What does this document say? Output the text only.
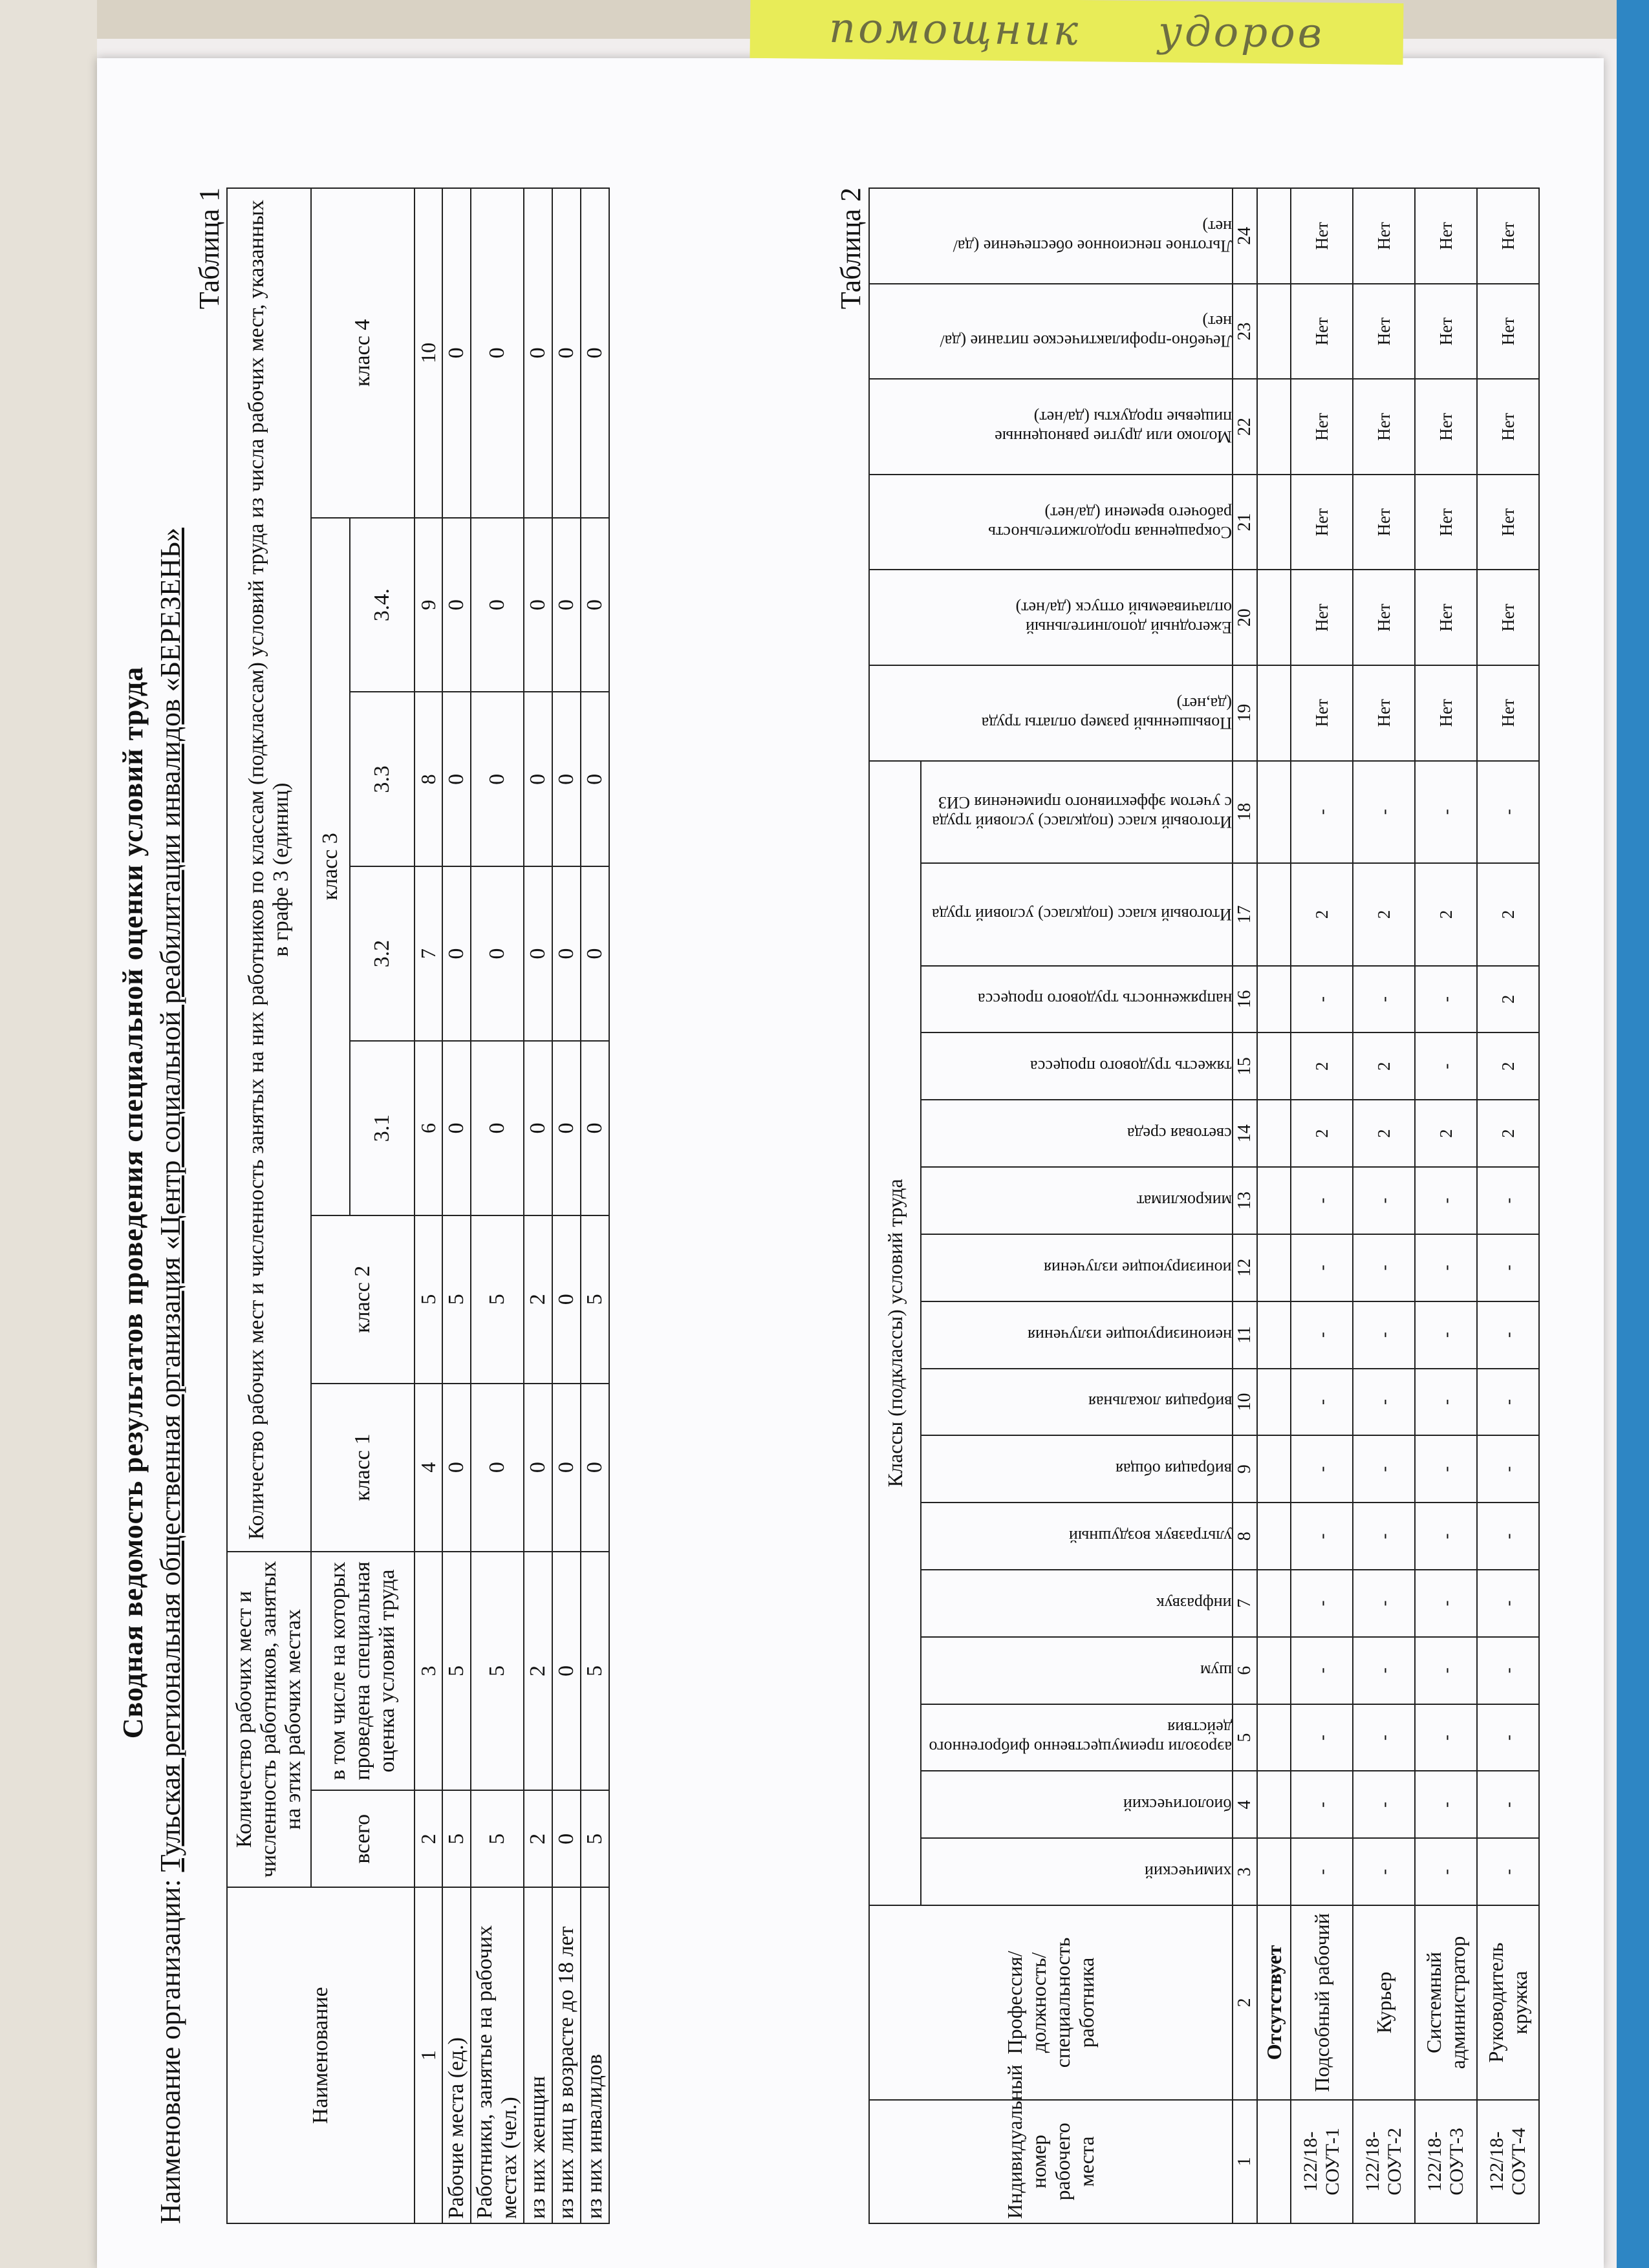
помощник удоров
Сводная ведомость результатов проведения специальной оценки условий труда
Наименование организации: Тульская региональная общественная организация «Центр социальной реабилитации инвалидов «БЕРЕЗЕНЬ»
Таблица 1
Наименование	Количество рабочих мест и численность работников, занятых на этих рабочих местах		Количество рабочих мест и численность занятых на них работников по классам (подклассам) условий труда из числа рабочих мест, указанных в графе 3 (единиц)						
	всего	в том числе на которых проведена специальная оценка условий труда	класс 1	класс 2	класс 3				класс 4
					3.1	3.2	3.3	3.4.	
1	2	3	4	5	6	7	8	9	10
Рабочие места (ед.)	5	5	0	5	0	0	0	0	0
Работники, занятые на рабочих местах (чел.)	5	5	0	5	0	0	0	0	0
из них женщин	2	2	0	2	0	0	0	0	0
из них лиц в возрасте до 18 лет	0	0	0	0	0	0	0	0	0
из них инвалидов	5	5	0	5	0	0	0	0	0
Таблица 2
Индивидуальный номер рабочего места	Профессия/ должность/ специальность работника	Классы (подклассы) условий труда																Повышенный размер оплаты труда (да,нет)	Ежегодный дополнительный оплачиваемый отпуск (да/нет)	Сокращенная продолжительность рабочего времени (да/нет)	Молоко или другие равноценные пищевые продукты (да/нет)	Лечебно-профилактическое питание (да/нет)	Льготное пенсионное обеспечение (да/нет)

		химический	биологический	аэрозоли преимущественно фиброгенного действия	шум	инфразвук	ультразвук воздушный	вибрация общая	вибрация локальная	неионизирующие излучения	ионизирующие излучения	микроклимат	световая среда	тяжесть трудового процесса	напряженность трудового процесса	Итоговый класс (подкласс) условий труда	Итоговый класс (подкласс) условий труда с учетом эффективного применения СИЗ						

1	2	3	4	5	6	7	8	9	10	11	12	13	14	15	16	17	18	19	20	21	22	23	24
	Отсутствует																						
122/18-СОУТ-1	Подсобный рабочий	-	-	-	-	-	-	-	-	-	-	-	2	2	-	2	-	Нет	Нет	Нет	Нет	Нет	Нет
122/18-СОУТ-2	Курьер	-	-	-	-	-	-	-	-	-	-	-	2	2	-	2	-	Нет	Нет	Нет	Нет	Нет	Нет
122/18-СОУТ-3	Системный администратор	-	-	-	-	-	-	-	-	-	-	-	2	-	-	2	-	Нет	Нет	Нет	Нет	Нет	Нет
122/18-СОУТ-4	Руководитель кружка	-	-	-	-	-	-	-	-	-	-	-	2	2	2	2	-	Нет	Нет	Нет	Нет	Нет	Нет
